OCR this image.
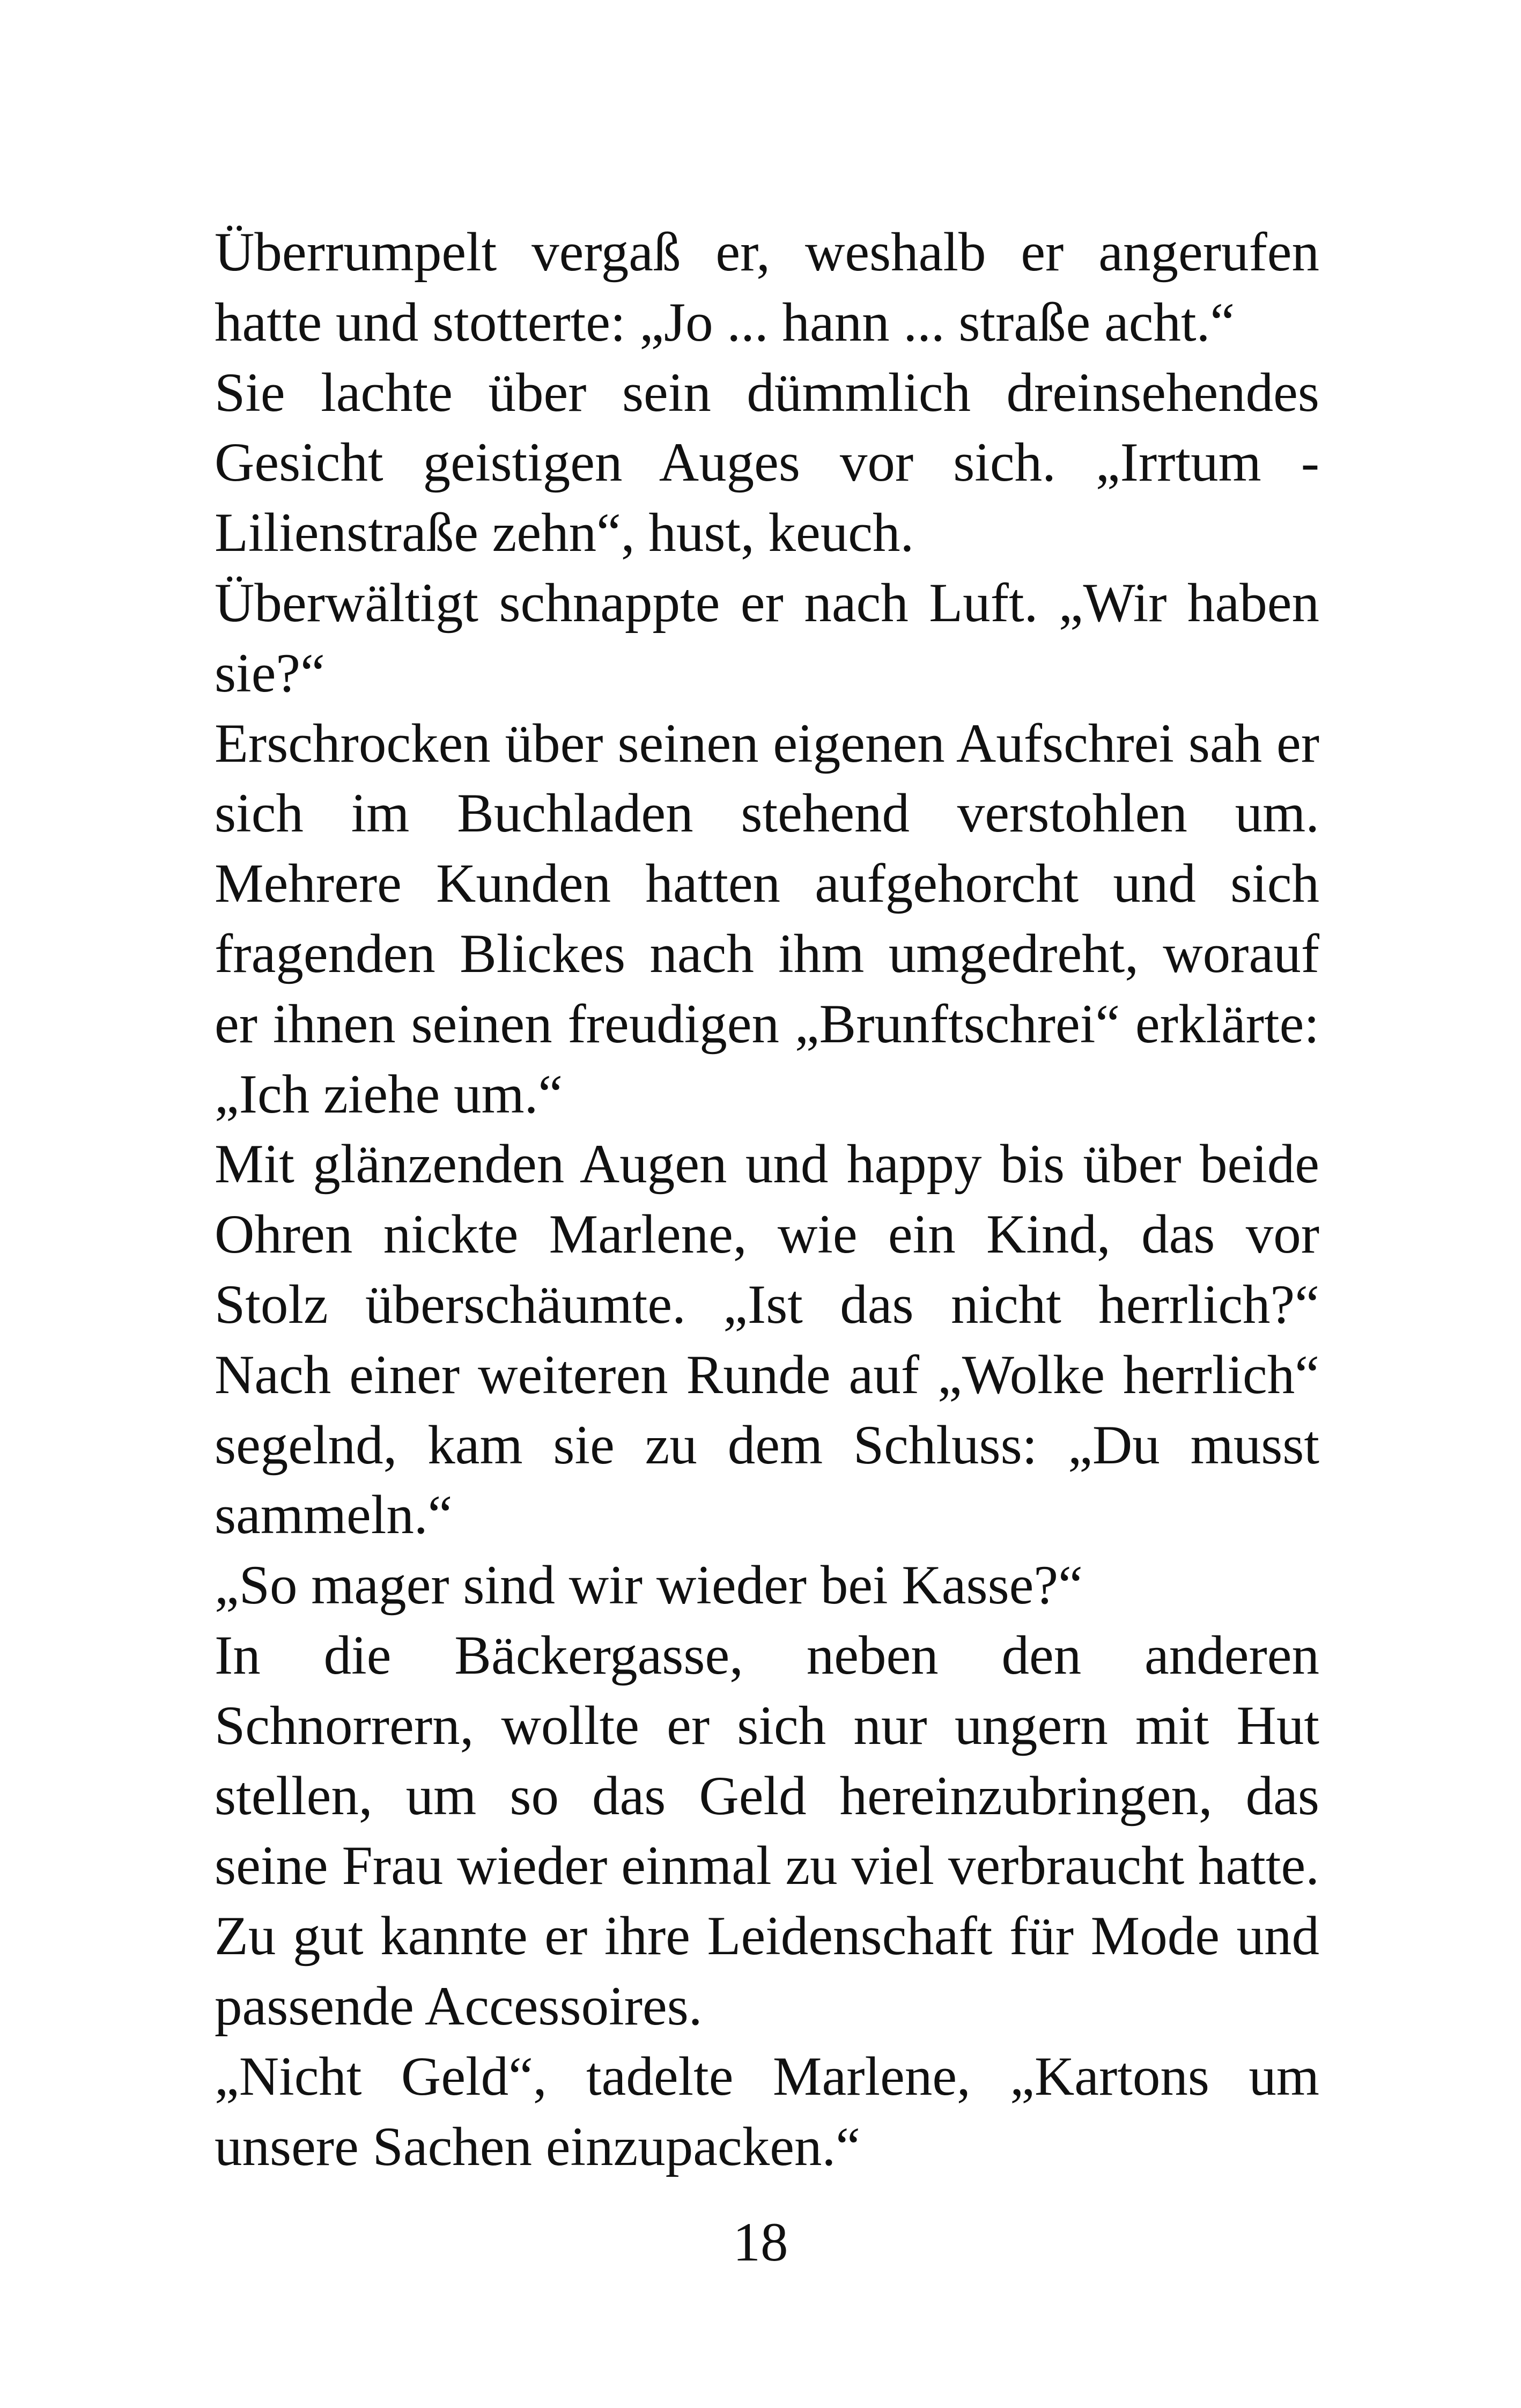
Überrumpelt vergaß er, weshalb er angerufen hatte und stotterte: „Jo ... hann ... straße acht.“

Sie lachte über sein dümmlich dreinsehendes Gesicht geistigen Auges vor sich. „Irrtum - Lilienstraße zehn“, hust, keuch.

Überwältigt schnappte er nach Luft. „Wir haben sie?“

Erschrocken über seinen eigenen Aufschrei sah er sich im Buchladen stehend verstohlen um. Mehrere Kunden hatten aufgehorcht und sich fragenden Blickes nach ihm umgedreht, worauf er ihnen seinen freudigen „Brunftschrei“ erklärte: „Ich ziehe um.“

Mit glänzenden Augen und happy bis über beide Ohren nickte Marlene, wie ein Kind, das vor Stolz überschäumte. „Ist das nicht herrlich?“ Nach einer weiteren Runde auf „Wolke herrlich“ segelnd, kam sie zu dem Schluss: „Du musst sammeln.“

„So mager sind wir wieder bei Kasse?“

In die Bäckergasse, neben den anderen Schnorrern, wollte er sich nur ungern mit Hut stellen, um so das Geld hereinzubringen, das seine Frau wieder einmal zu viel verbraucht hatte. Zu gut kannte er ihre Leidenschaft für Mode und passende Accessoires.

„Nicht Geld“, tadelte Marlene, „Kartons um unsere Sachen einzupacken.“

18
